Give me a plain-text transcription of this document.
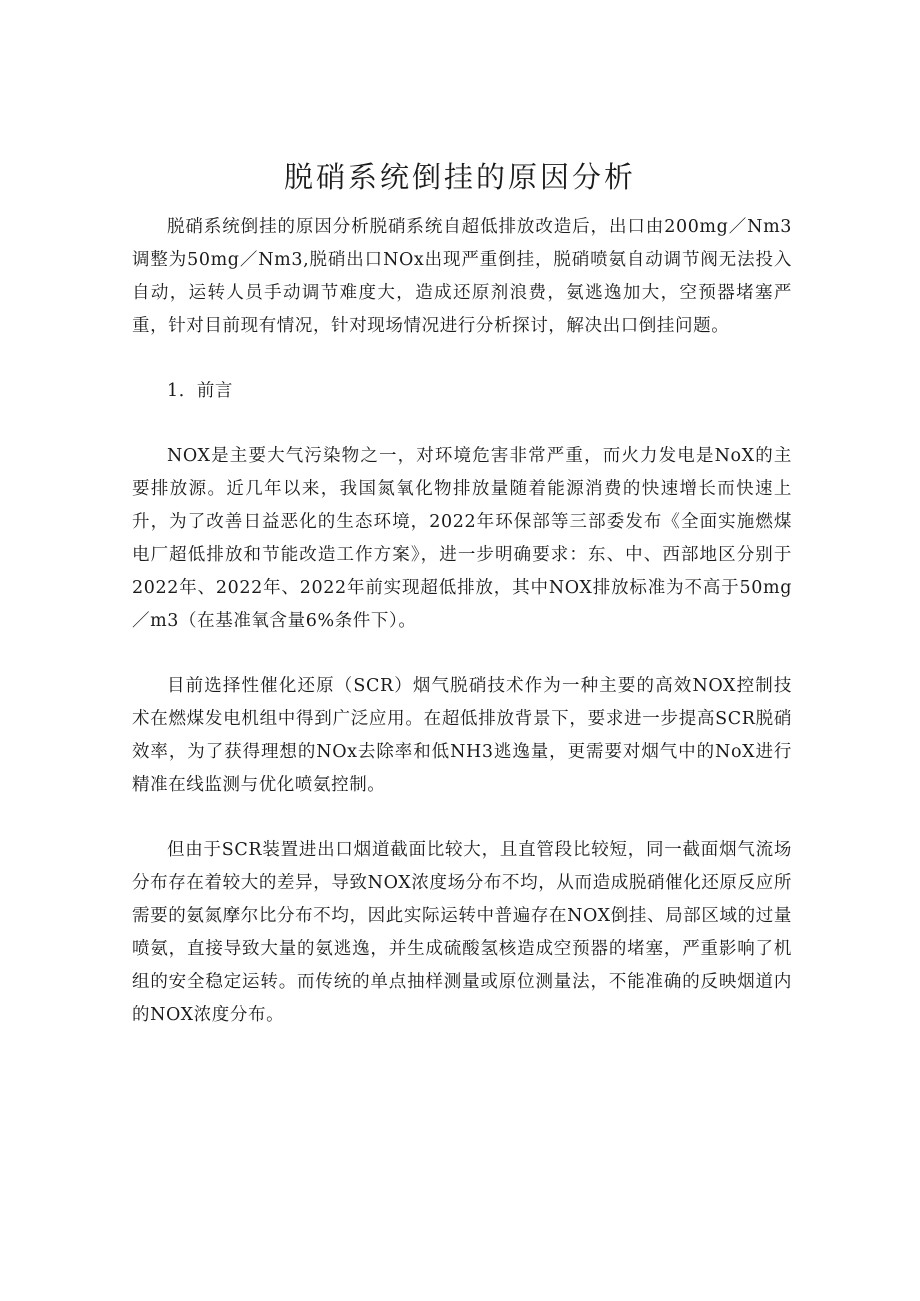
脱硝系统倒挂的原因分析

脱硝系统倒挂的原因分析脱硝系统自超低排放改造后，出口由200mg／Nm3调整为50mg／Nm3,脱硝出口NOx出现严重倒挂，脱硝喷氨自动调节阀无法投入自动，运转人员手动调节难度大，造成还原剂浪费，氨逃逸加大，空预器堵塞严重，针对目前现有情况，针对现场情况进行分析探讨，解决出口倒挂问题。

1．前言

NOX是主要大气污染物之一，对环境危害非常严重，而火力发电是NoX的主要排放源。近几年以来，我国氮氧化物排放量随着能源消费的快速增长而快速上升，为了改善日益恶化的生态环境，2022年环保部等三部委发布《全面实施燃煤电厂超低排放和节能改造工作方案》，进一步明确要求：东、中、西部地区分别于2022年、2022年、2022年前实现超低排放，其中NOX排放标准为不高于50mg／m3（在基准氧含量6%条件下）。

目前选择性催化还原（SCR）烟气脱硝技术作为一种主要的高效NOX控制技术在燃煤发电机组中得到广泛应用。在超低排放背景下，要求进一步提高SCR脱硝效率，为了获得理想的NOx去除率和低NH3逃逸量，更需要对烟气中的NoX进行精准在线监测与优化喷氨控制。

但由于SCR装置进出口烟道截面比较大，且直管段比较短，同一截面烟气流场分布存在着较大的差异，导致NOX浓度场分布不均，从而造成脱硝催化还原反应所需要的氨氮摩尔比分布不均，因此实际运转中普遍存在NOX倒挂、局部区域的过量喷氨，直接导致大量的氨逃逸，并生成硫酸氢核造成空预器的堵塞，严重影响了机组的安全稳定运转。而传统的单点抽样测量或原位测量法，不能准确的反映烟道内的NOX浓度分布。
